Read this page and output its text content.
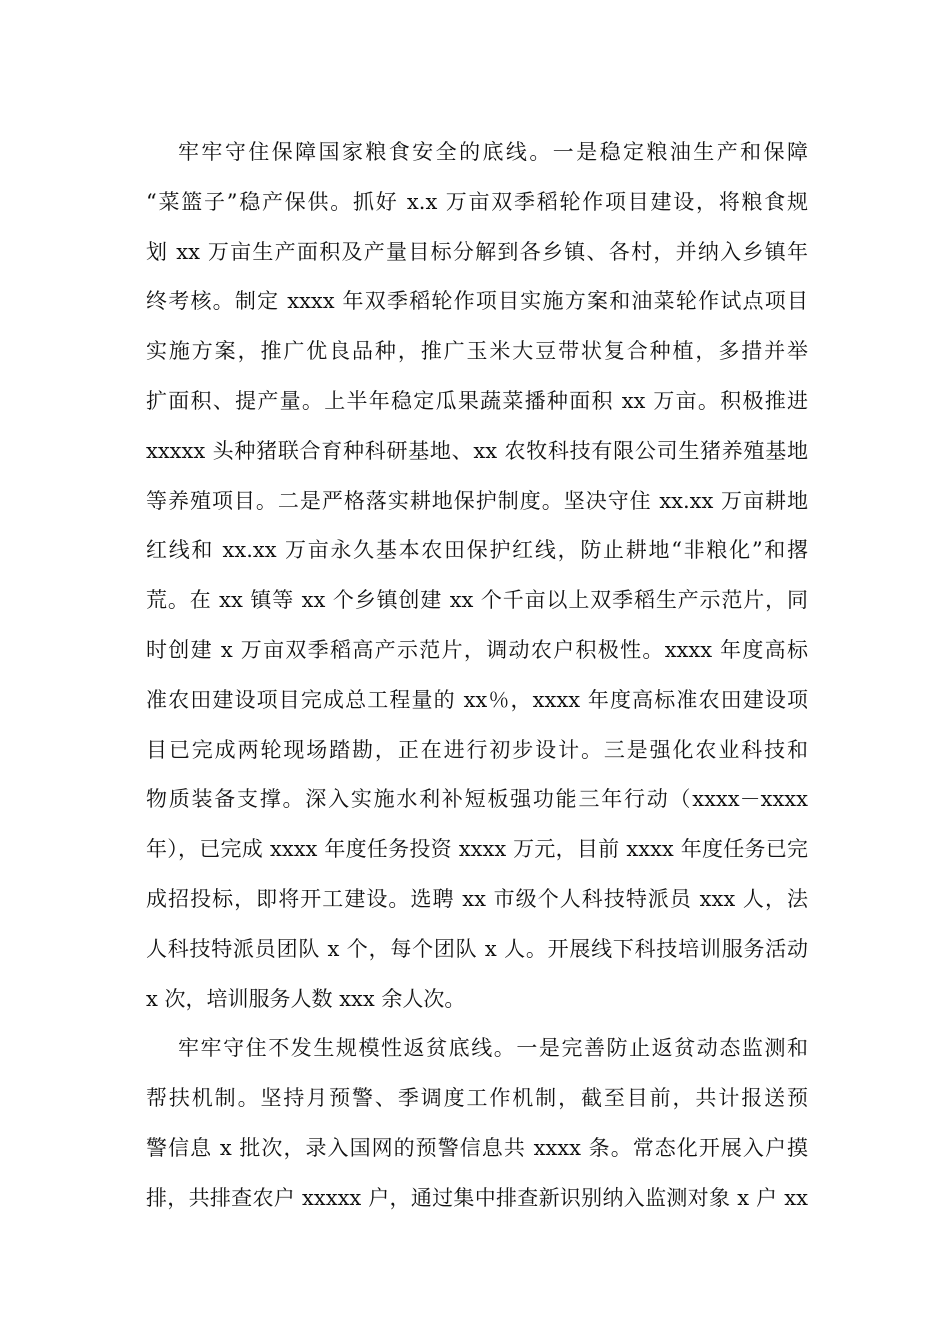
牢牢守住保障国家粮食安全的底线。一是稳定粮油生产和保障
“菜篮子”稳产保供。抓好 x.x 万亩双季稻轮作项目建设，将粮食规
划 xx 万亩生产面积及产量目标分解到各乡镇、各村，并纳入乡镇年
终考核。制定 xxxx 年双季稻轮作项目实施方案和油菜轮作试点项目
实施方案，推广优良品种，推广玉米大豆带状复合种植，多措并举
扩面积、提产量。上半年稳定瓜果蔬菜播种面积 xx 万亩。积极推进
xxxxx 头种猪联合育种科研基地、xx 农牧科技有限公司生猪养殖基地
等养殖项目。二是严格落实耕地保护制度。坚决守住 xx.xx 万亩耕地
红线和 xx.xx 万亩永久基本农田保护红线，防止耕地“非粮化”和撂
荒。在 xx 镇等 xx 个乡镇创建 xx 个千亩以上双季稻生产示范片，同
时创建 x 万亩双季稻高产示范片，调动农户积极性。xxxx 年度高标
准农田建设项目完成总工程量的 xx％，xxxx 年度高标准农田建设项
目已完成两轮现场踏勘，正在进行初步设计。三是强化农业科技和
物质装备支撑。深入实施水利补短板强功能三年行动（xxxx－xxxx
年），已完成 xxxx 年度任务投资 xxxx 万元，目前 xxxx 年度任务已完
成招投标，即将开工建设。选聘 xx 市级个人科技特派员 xxx 人，法
人科技特派员团队 x 个，每个团队 x 人。开展线下科技培训服务活动
x 次，培训服务人数 xxx 余人次。
牢牢守住不发生规模性返贫底线。一是完善防止返贫动态监测和
帮扶机制。坚持月预警、季调度工作机制，截至目前，共计报送预
警信息 x 批次，录入国网的预警信息共 xxxx 条。常态化开展入户摸
排，共排查农户 xxxxx 户，通过集中排查新识别纳入监测对象 x 户 xx
